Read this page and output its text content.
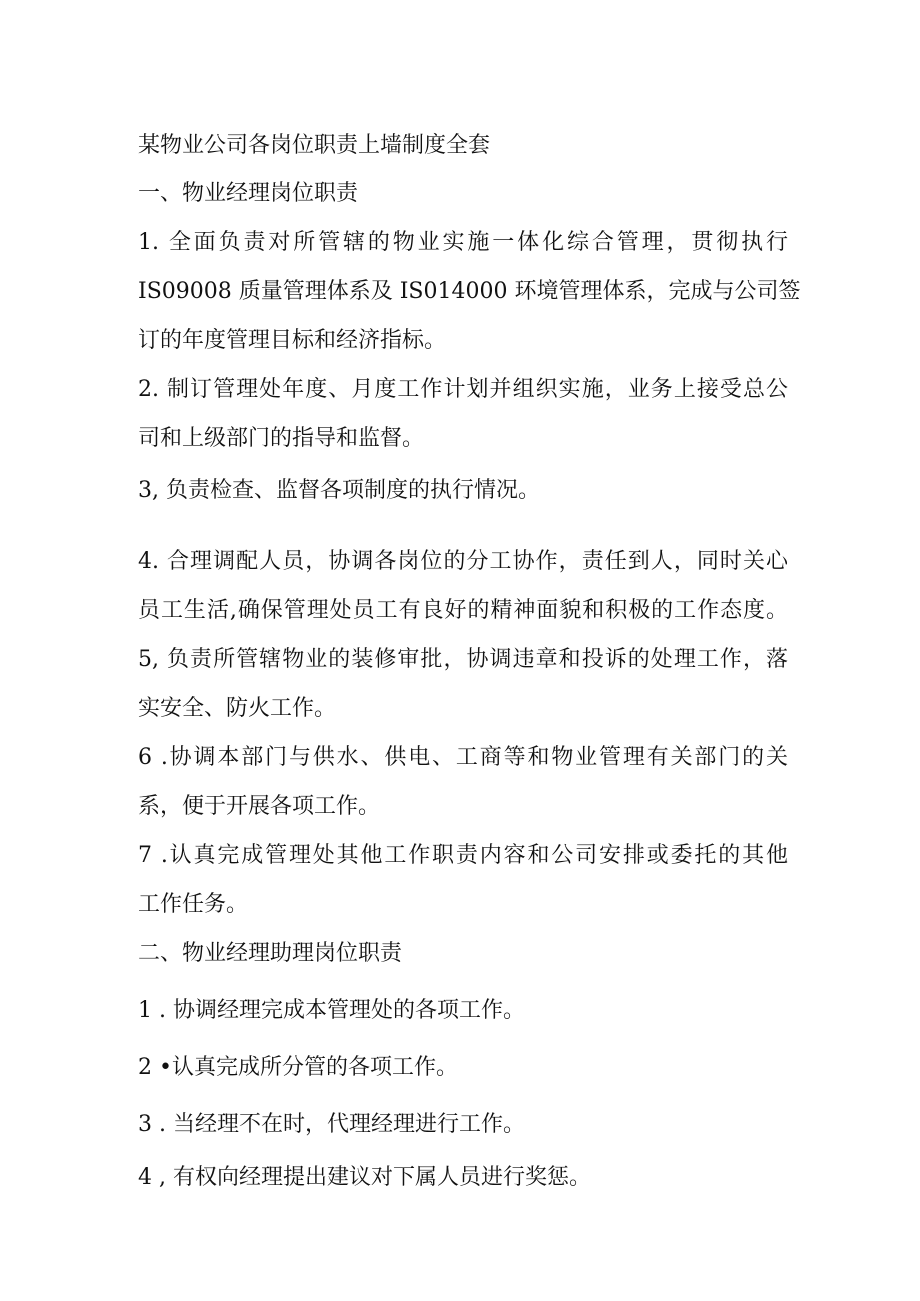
某物业公司各岗位职责上墙制度全套
一、物业经理岗位职责
1. 全面负责对所管辖的物业实施一体化综合管理，贯彻执行
IS09008 质量管理体系及 IS014000 环境管理体系，完成与公司签
订的年度管理目标和经济指标。
2. 制订管理处年度、月度工作计划并组织实施，业务上接受总公
司和上级部门的指导和监督。
3, 负责检查、监督各项制度的执行情况。
4. 合理调配人员，协调各岗位的分工协作，责任到人，同时关心
员工生活,确保管理处员工有良好的精神面貌和积极的工作态度。
5, 负责所管辖物业的装修审批，协调违章和投诉的处理工作，落
实安全、防火工作。
6 .协调本部门与供水、供电、工商等和物业管理有关部门的关
系，便于开展各项工作。
7 .认真完成管理处其他工作职责内容和公司安排或委托的其他
工作任务。
二、物业经理助理岗位职责
1 . 协调经理完成本管理处的各项工作。
2 •认真完成所分管的各项工作。
3 . 当经理不在时，代理经理进行工作。
4 , 有权向经理提出建议对下属人员进行奖惩。
